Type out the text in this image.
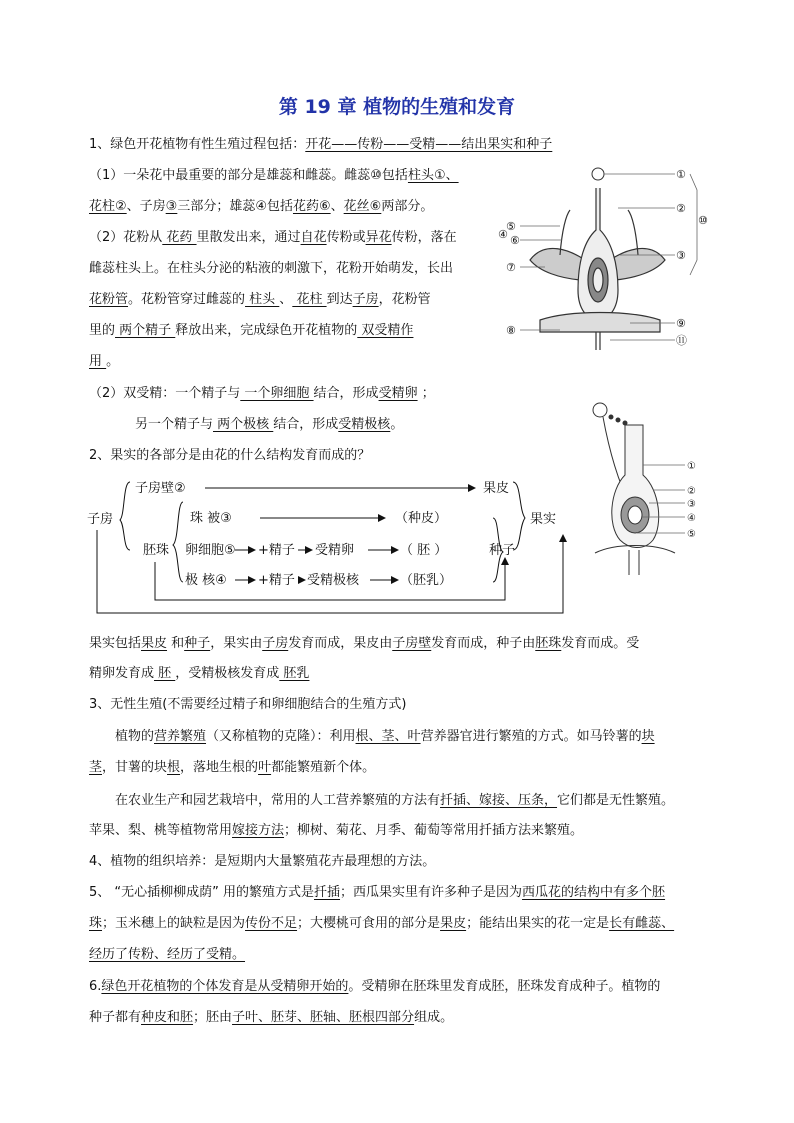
第 19 章 植物的生殖和发育
1、绿色开花植物有性生殖过程包括：开花——传粉——受精——结出果实和种子
（1）一朵花中最重要的部分是雄蕊和雌蕊。雌蕊⑩包括柱头①、
花柱②、子房③三部分；雄蕊④包括花药⑥、花丝⑥两部分。
（2）花粉从 花药 里散发出来，通过自花传粉或异花传粉，落在
雌蕊柱头上。在柱头分泌的粘液的刺激下，花粉开始萌发，长出
花粉管。花粉管穿过雌蕊的 柱头 、 花柱 到达子房，花粉管
里的 两个精子 释放出来，完成绿色开花植物的 双受精作
用 。
（2）双受精：一个精子与 一个卵细胞 结合，形成受精卵 ；
另一个精子与 两个极核 结合，形成受精极核。
2、果实的各部分是由花的什么结构发育而成的？
①
②
⑩
⑤
⑥
④
⑦
③
⑧
⑨
⑪
①
②
③
④
⑤
子房
子房壁②	果皮
果实
珠 被③	（种皮）
胚珠 卵细胞⑤ +精子 受精卵	（ 胚 ）	种子
极 核④ +精子 受精极核	（胚乳）
果实包括果皮 和种子，果实由子房发育而成，果皮由子房壁发育而成，种子由胚珠发育而成。受
精卵发育成 胚 ，受精极核发育成 胚乳
3、无性生殖(不需要经过精子和卵细胞结合的生殖方式)
植物的营养繁殖（又称植物的克隆）：利用根、茎、叶营养器官进行繁殖的方式。如马铃薯的块
茎，甘薯的块根，落地生根的叶都能繁殖新个体。
在农业生产和园艺栽培中，常用的人工营养繁殖的方法有扦插、嫁接、压条，它们都是无性繁殖。
苹果、梨、桃等植物常用嫁接方法；柳树、菊花、月季、葡萄等常用扦插方法来繁殖。
4、植物的组织培养：是短期内大量繁殖花卉最理想的方法。
5、 “无心插柳柳成荫” 用的繁殖方式是扦插；西瓜果实里有许多种子是因为西瓜花的结构中有多个胚
珠；玉米穗上的缺粒是因为传份不足；大樱桃可食用的部分是果皮；能结出果实的花一定是长有雌蕊、
经历了传粉、经历了受精。
6.绿色开花植物的个体发育是从受精卵开始的。受精卵在胚珠里发育成胚，胚珠发育成种子。植物的
种子都有种皮和胚；胚由子叶、胚芽、胚轴、胚根四部分组成。
